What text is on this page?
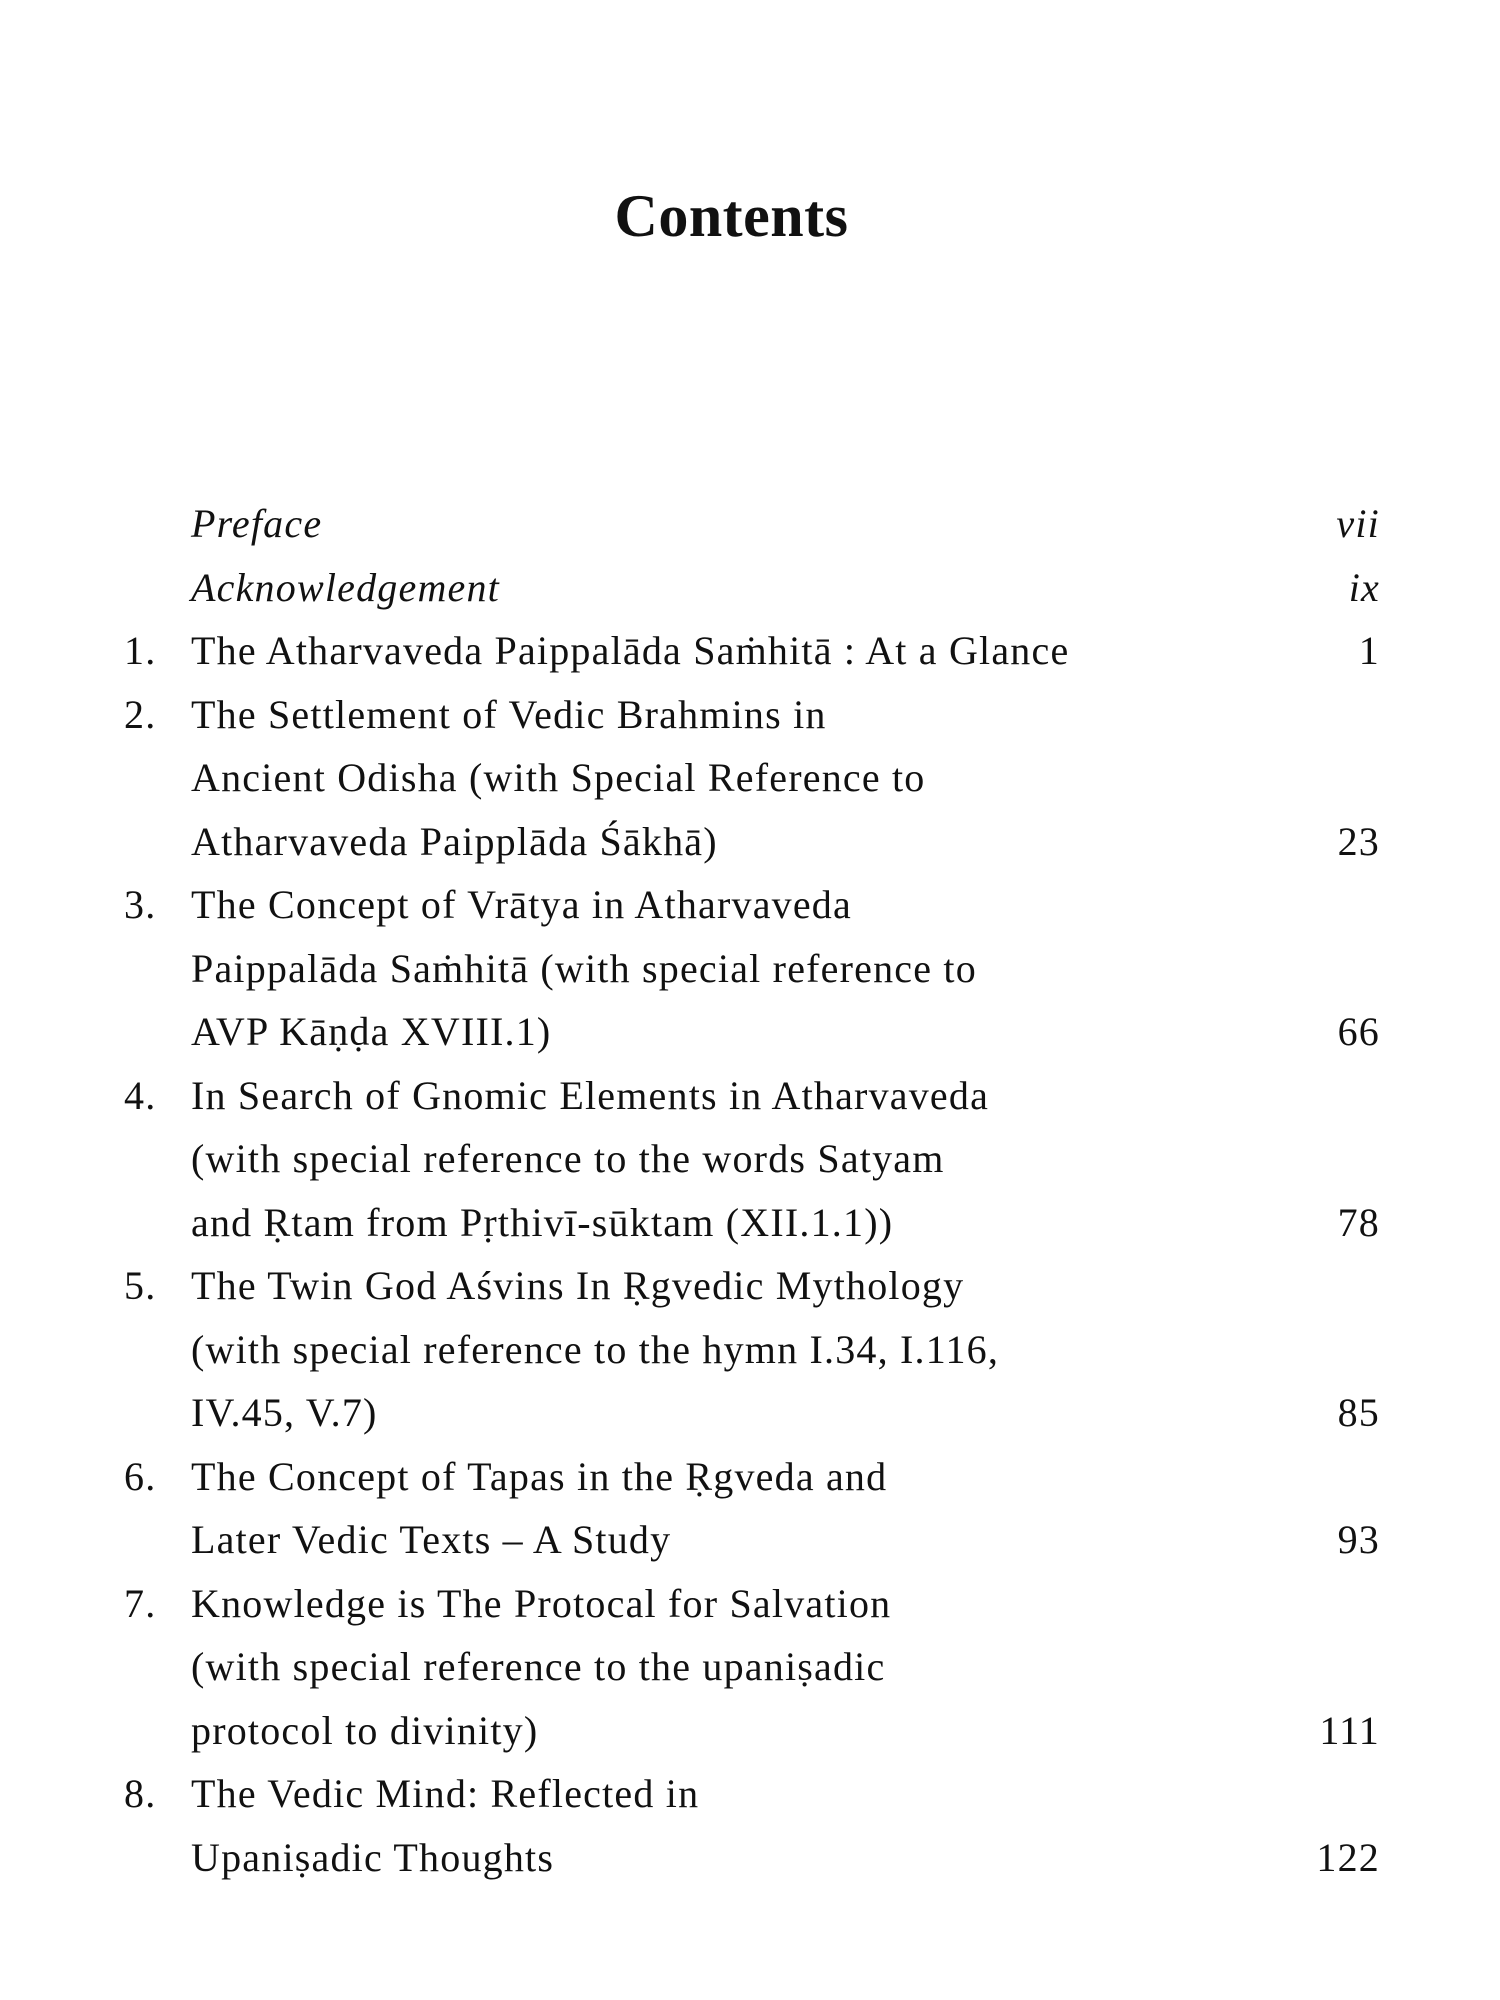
Contents
Preface	vii
Acknowledgement	ix
1. The Atharvaveda Paippalāda Saṁhitā : At a Glance	1
2. The Settlement of Vedic Brahmins in
Ancient Odisha (with Special Reference to
Atharvaveda Paipplāda Śākhā)	23
3. The Concept of Vrātya in Atharvaveda
Paippalāda Saṁhitā (with special reference to
AVP Kāṇḍa XVIII.1)	66
4. In Search of Gnomic Elements in Atharvaveda
(with special reference to the words Satyam
and Ṛtam from Pṛthivī-sūktam (XII.1.1))	78
5. The Twin God Aśvins In Ṛgvedic Mythology
(with special reference to the hymn I.34, I.116,
IV.45, V.7)	85
6. The Concept of Tapas in the Ṛgveda and
Later Vedic Texts – A Study	93
7. Knowledge is The Protocal for Salvation
(with special reference to the upaniṣadic
protocol to divinity)	111
8. The Vedic Mind: Reflected in
Upaniṣadic Thoughts	122
